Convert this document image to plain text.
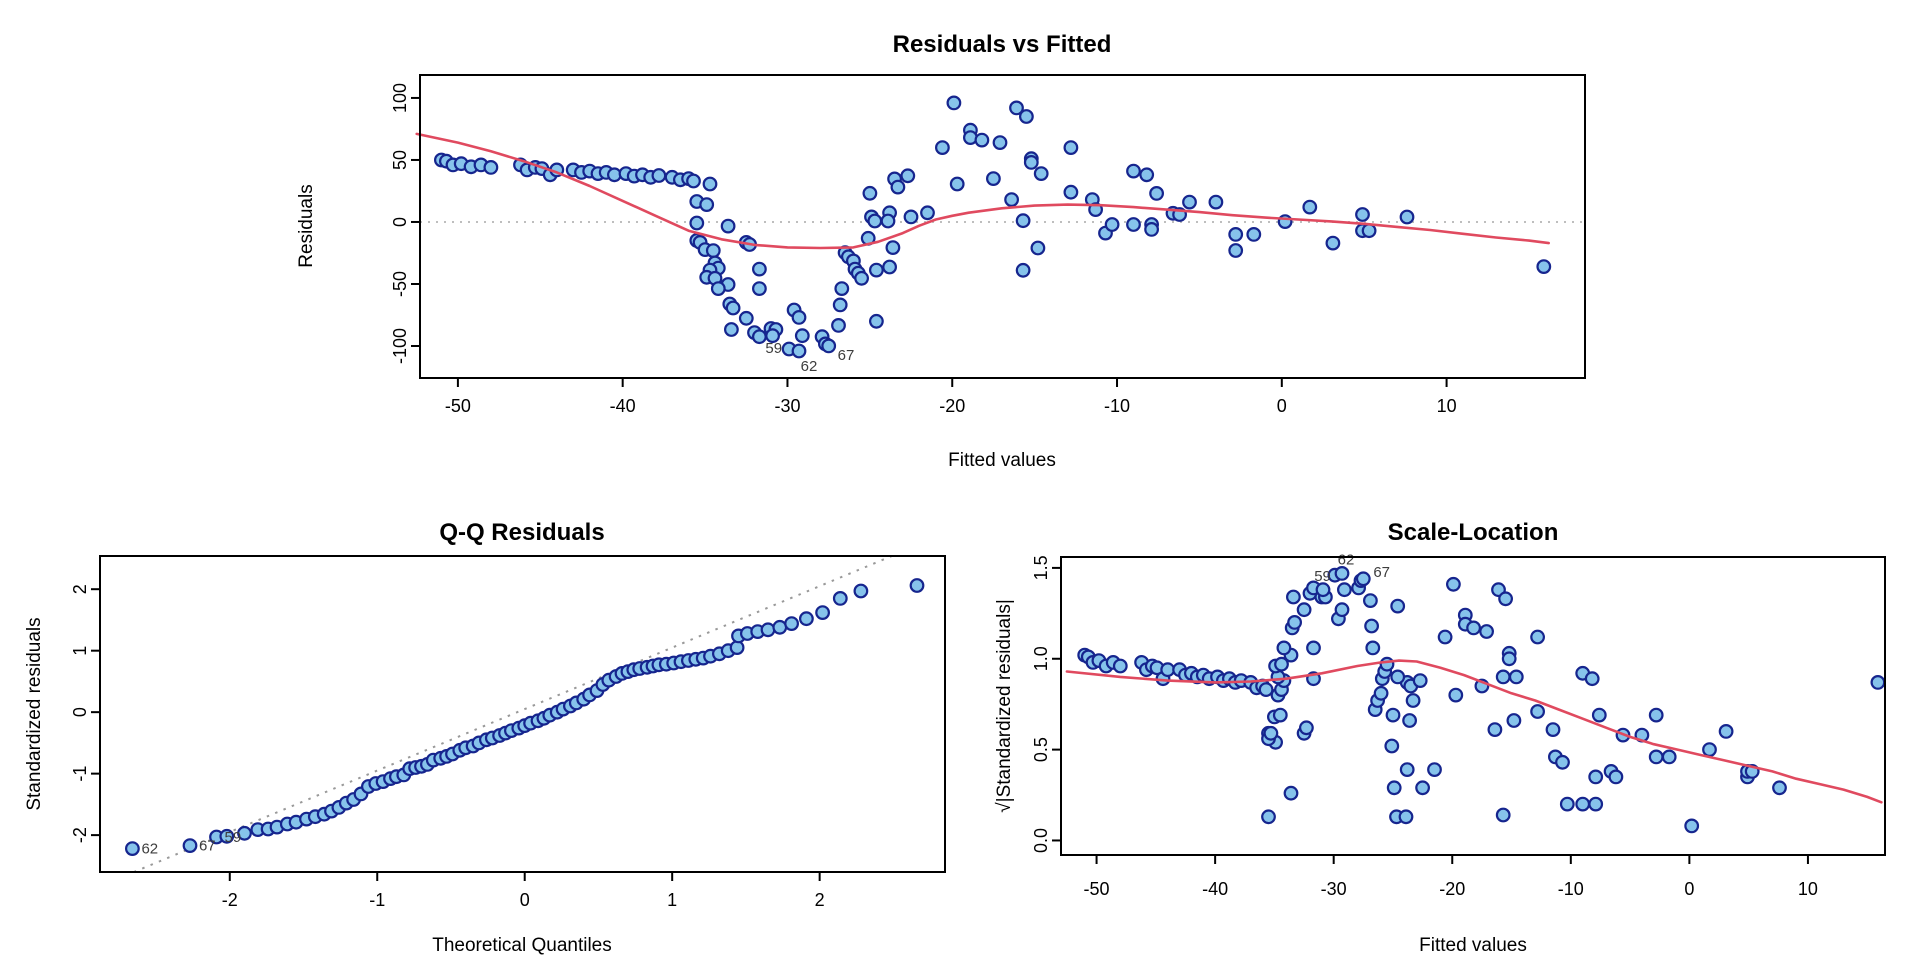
Residuals vs Fitted
Fitted values
Residuals
-50	-40	-30	-20	-10	0	10
-100
-50
0
50
100
59
62
67
Q-Q Residuals
Theoretical Quantiles
Standardized residuals
-2	-1	0	1	2
-2
-1
0
1
2
62	67
59
Scale-Location
Fitted values
√|Standardized residuals|
-50	-40	-30	-20	-10	0	10
0.0
0.5
1.0
1.5	59
62
67
